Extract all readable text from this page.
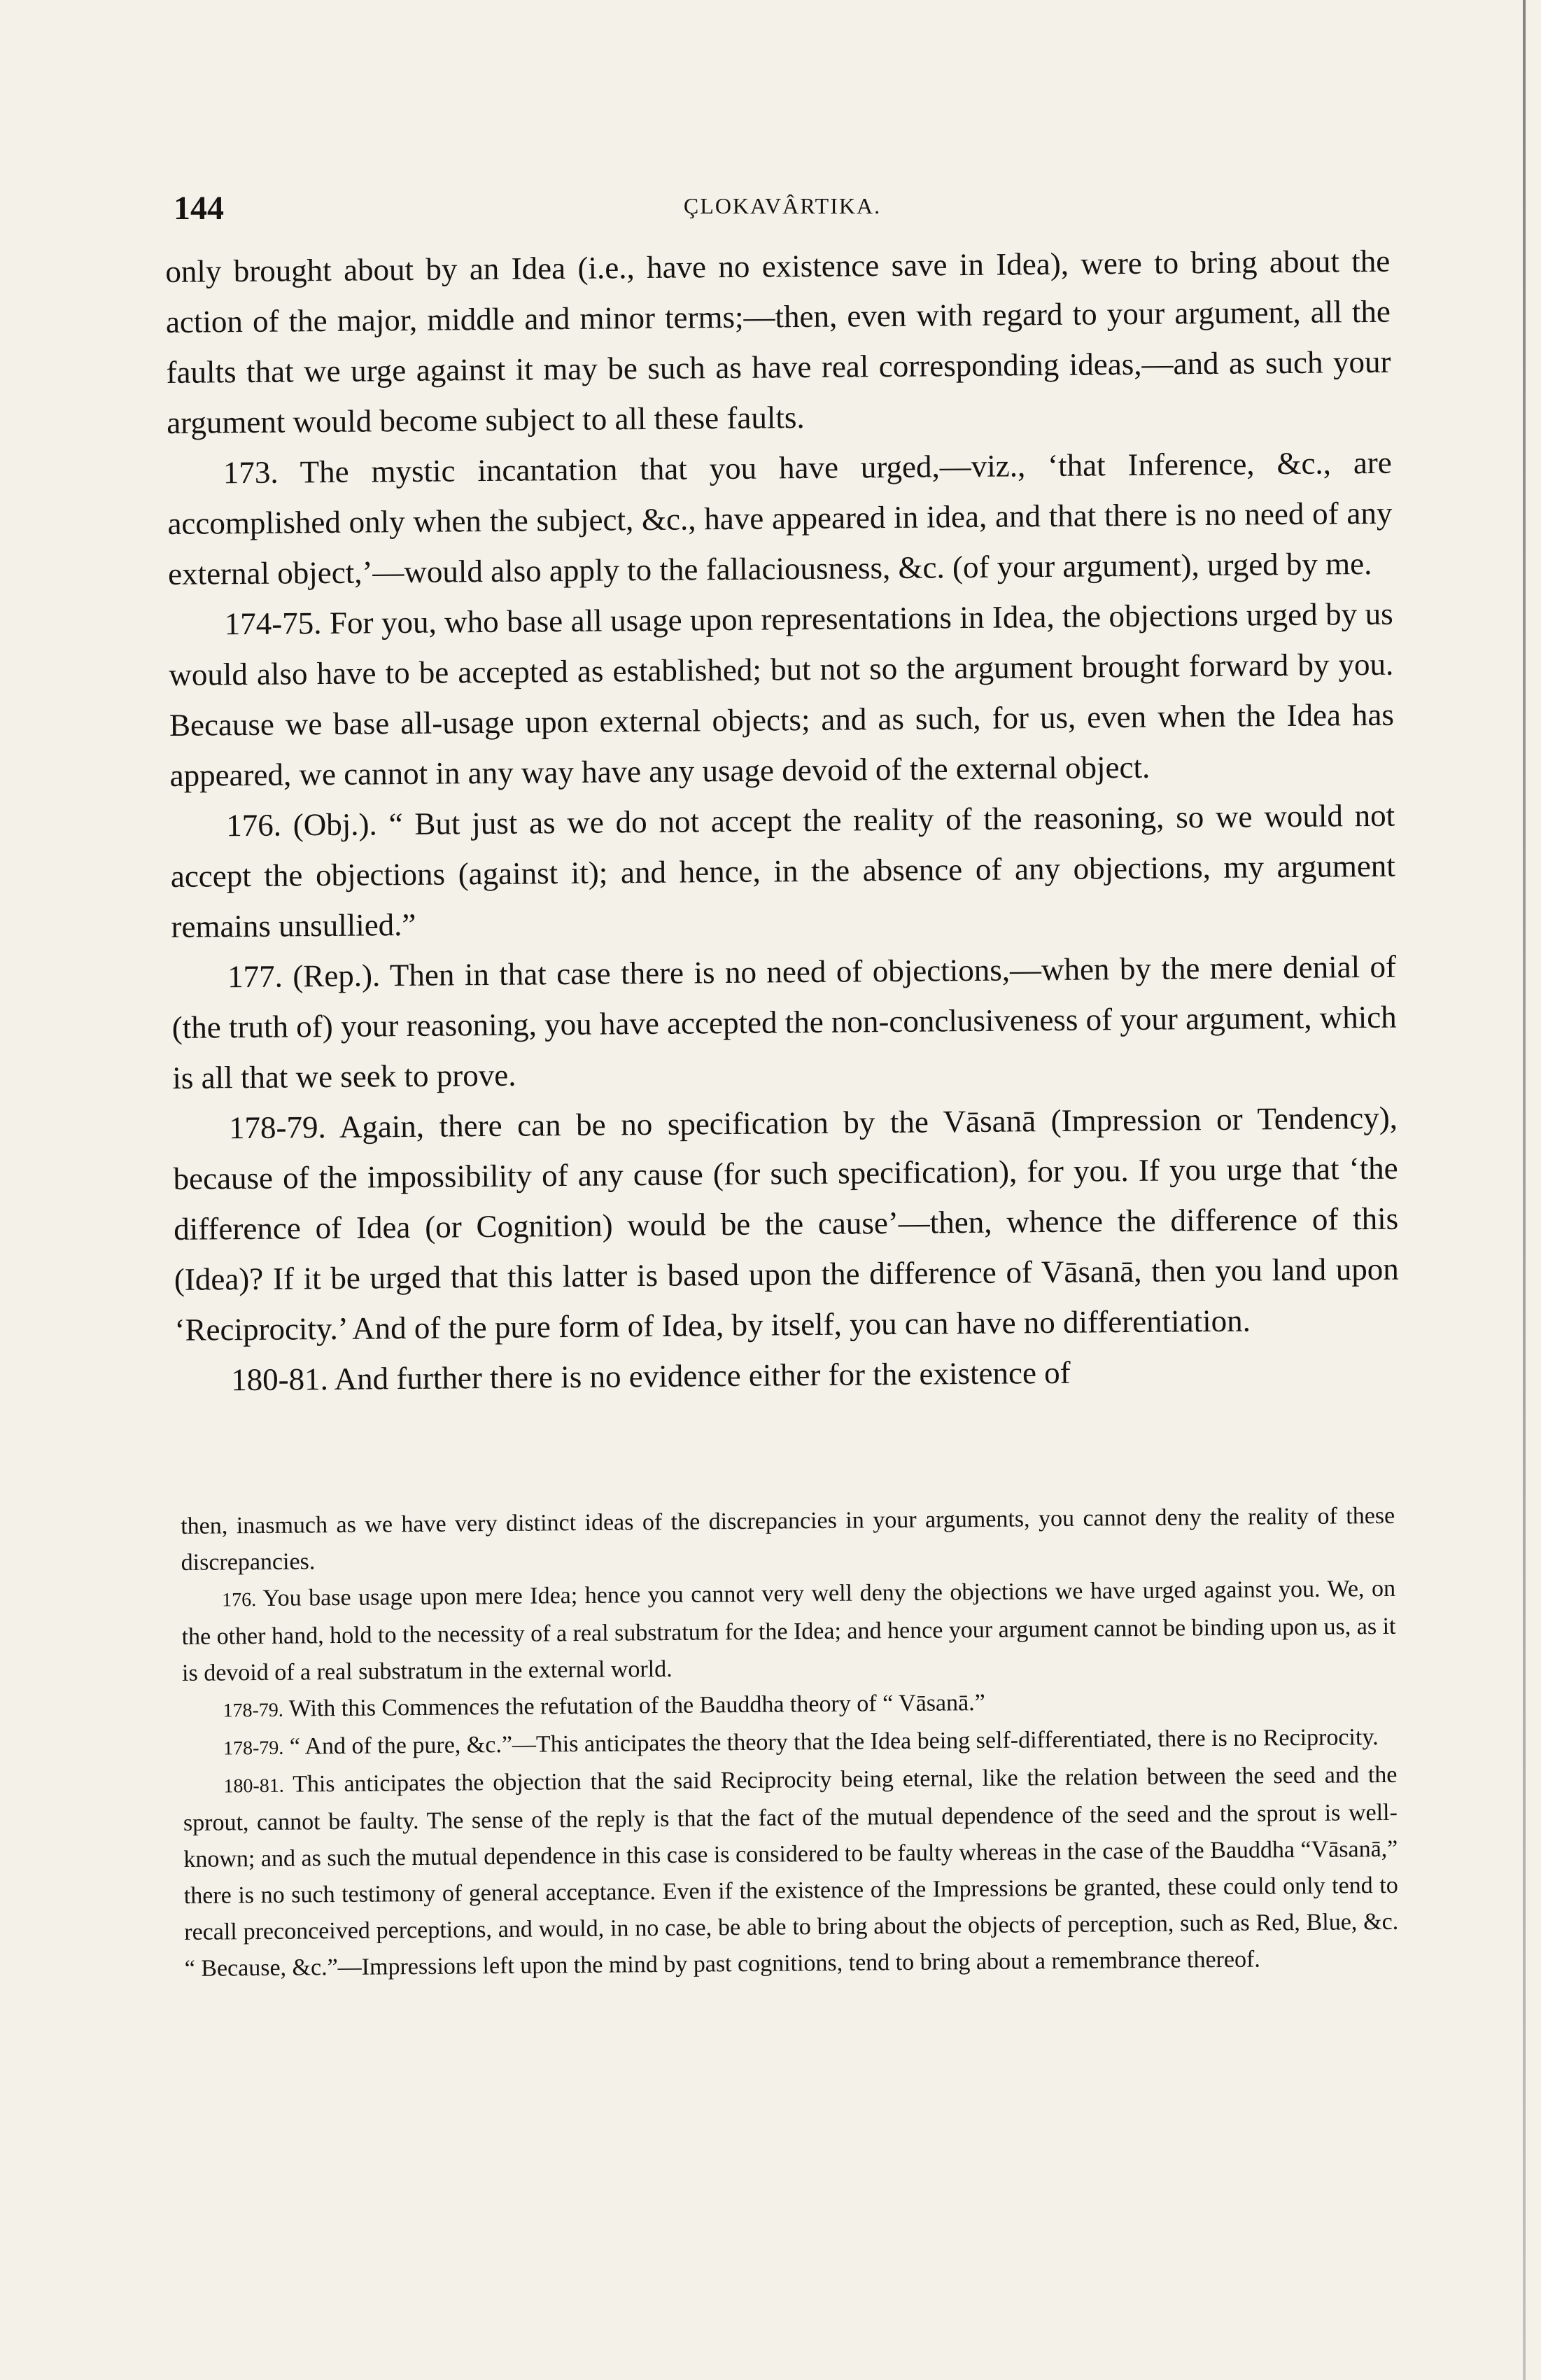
144	ÇLOKAVÂRTIKA.

only brought about by an Idea (i.e., have no existence save in Idea), were to bring about the action of the major, middle and minor terms;—then, even with regard to your argument, all the faults that we urge against it may be such as have real corresponding ideas,—and as such your argument would become subject to all these faults.

173. The mystic incantation that you have urged,—viz., ‘that Inference, &c., are accomplished only when the subject, &c., have appeared in idea, and that there is no need of any external object,’—would also apply to the fallaciousness, &c. (of your argument), urged by me.

174-75. For you, who base all usage upon representations in Idea, the objections urged by us would also have to be accepted as established; but not so the argument brought forward by you. Because we base all-usage upon external objects; and as such, for us, even when the Idea has appeared, we cannot in any way have any usage devoid of the external object.

176. (Obj.). “ But just as we do not accept the reality of the reasoning, so we would not accept the objections (against it); and hence, in the absence of any objections, my argument remains unsullied.”

177. (Rep.). Then in that case there is no need of objections,—when by the mere denial of (the truth of) your reasoning, you have accepted the non-conclusiveness of your argument, which is all that we seek to prove.

178-79. Again, there can be no specification by the Vāsanā (Impression or Tendency), because of the impossibility of any cause (for such specification), for you. If you urge that ‘the difference of Idea (or Cognition) would be the cause’—then, whence the difference of this (Idea)? If it be urged that this latter is based upon the difference of Vāsanā, then you land upon ‘Reciprocity.’ And of the pure form of Idea, by itself, you can have no differentiation.

180-81. And further there is no evidence either for the existence of

then, inasmuch as we have very distinct ideas of the discrepancies in your arguments, you cannot deny the reality of these discrepancies.

176. You base usage upon mere Idea; hence you cannot very well deny the objections we have urged against you. We, on the other hand, hold to the necessity of a real substratum for the Idea; and hence your argument cannot be binding upon us, as it is devoid of a real substratum in the external world.

178-79. With this Commences the refutation of the Bauddha theory of “ Vāsanā.”

178-79. “ And of the pure, &c.”—This anticipates the theory that the Idea being self-differentiated, there is no Reciprocity.

180-81. This anticipates the objection that the said Reciprocity being eternal, like the relation between the seed and the sprout, cannot be faulty. The sense of the reply is that the fact of the mutual dependence of the seed and the sprout is well-known; and as such the mutual dependence in this case is considered to be faulty whereas in the case of the Bauddha “Vāsanā,” there is no such testimony of general acceptance. Even if the existence of the Impressions be granted, these could only tend to recall preconceived perceptions, and would, in no case, be able to bring about the objects of perception, such as Red, Blue, &c. “ Because, &c.”—Impressions left upon the mind by past cognitions, tend to bring about a remembrance thereof.
